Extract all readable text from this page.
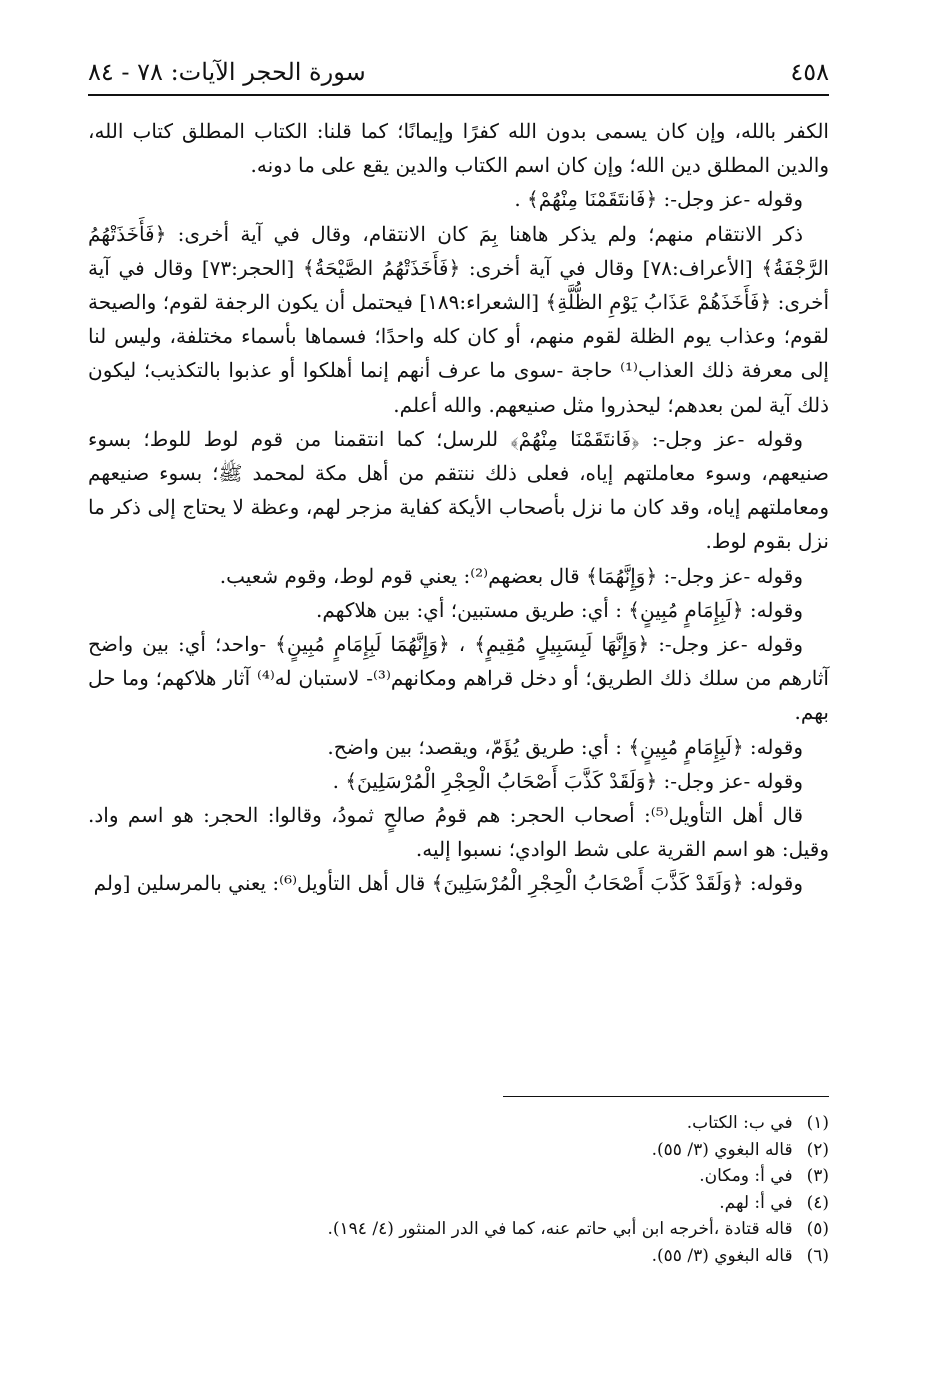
٤٥٨
سورة الحجر الآيات: ٧٨ - ٨٤

الكفر بالله، وإن كان يسمى بدون الله كفرًا وإيمانًا؛ كما قلنا: الكتاب المطلق كتاب الله، والدين المطلق دين الله؛ وإن كان اسم الكتاب والدين يقع على ما دونه.

وقوله -عز وجل-: ﴿فَانتَقَمْنَا مِنْهُمْ﴾ .

ذكر الانتقام منهم؛ ولم يذكر هاهنا بِمَ كان الانتقام، وقال في آية أخرى: ﴿فَأَخَذَتْهُمُ الرَّجْفَةُ﴾ [الأعراف:٧٨] وقال في آية أخرى: ﴿فَأَخَذَتْهُمُ الصَّيْحَةُ﴾ [الحجر:٧٣] وقال في آية أخرى: ﴿فَأَخَذَهُمْ عَذَابُ يَوْمِ الظُّلَّةِ﴾ [الشعراء:١٨٩] فيحتمل أن يكون الرجفة لقوم؛ والصيحة لقوم؛ وعذاب يوم الظلة لقوم منهم، أو كان كله واحدًا؛ فسماها بأسماء مختلفة، وليس لنا إلى معرفة ذلك العذاب⁽¹⁾ حاجة -سوى ما عرف أنهم إنما أهلكوا أو عذبوا بالتكذيب؛ ليكون ذلك آية لمن بعدهم؛ ليحذروا مثل صنيعهم. والله أعلم.

وقوله -عز وجل-: ﴿فَانتَقَمْنَا مِنْهُمْ﴾ للرسل؛ كما انتقمنا من قوم لوط للوط؛ بسوء صنيعهم، وسوء معاملتهم إياه، فعلى ذلك ننتقم من أهل مكة لمحمد ﷺ؛ بسوء صنيعهم ومعاملتهم إياه، وقد كان ما نزل بأصحاب الأيكة كفاية مزجر لهم، وعظة لا يحتاج إلى ذكر ما نزل بقوم لوط.

وقوله -عز وجل-: ﴿وَإِنَّهُمَا﴾ قال بعضهم⁽²⁾: يعني قوم لوط، وقوم شعيب.

وقوله: ﴿لَبِإِمَامٍ مُبِينٍ﴾ : أي: طريق مستبين؛ أي: بين هلاكهم.

وقوله -عز وجل-: ﴿وَإِنَّهَا لَبِسَبِيلٍ مُقِيمٍ﴾ ، ﴿وَإِنَّهُمَا لَبِإِمَامٍ مُبِينٍ﴾ -واحد؛ أي: بين واضح آثارهم من سلك ذلك الطريق؛ أو دخل قراهم ومكانهم⁽³⁾- لاستبان له⁽⁴⁾ آثار هلاكهم؛ وما حل بهم.

وقوله: ﴿لَبِإِمَامٍ مُبِينٍ﴾ : أي: طريق يُؤَمّ، ويقصد؛ بين واضح.

وقوله -عز وجل-: ﴿وَلَقَدْ كَذَّبَ أَصْحَابُ الْحِجْرِ الْمُرْسَلِينَ﴾ .

قال أهل التأويل⁽⁵⁾: أصحاب الحجر: هم قومُ صالحٍ ثمودُ، وقالوا: الحجر: هو اسم واد. وقيل: هو اسم القرية على شط الوادي؛ نسبوا إليه.

وقوله: ﴿وَلَقَدْ كَذَّبَ أَصْحَابُ الْحِجْرِ الْمُرْسَلِينَ﴾ قال أهل التأويل⁽⁶⁾: يعني بالمرسلين [ولم

(١)في ب: الكتاب.
(٢)قاله البغوي (٣/ ٥٥).
(٣)في أ: ومكان.
(٤)في أ: لهم.
(٥)قاله قتادة ،أخرجه ابن أبي حاتم عنه، كما في الدر المنثور (٤/ ١٩٤).
(٦)قاله البغوي (٣/ ٥٥).
